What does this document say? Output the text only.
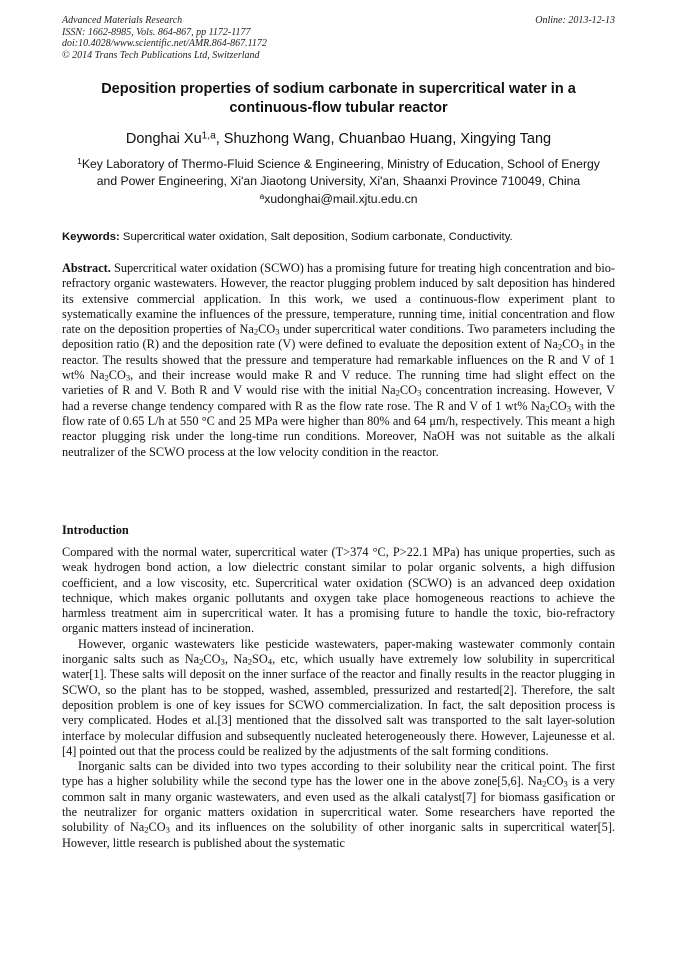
Advanced Materials Research
ISSN: 1662-8985, Vols. 864-867, pp 1172-1177
doi:10.4028/www.scientific.net/AMR.864-867.1172
© 2014 Trans Tech Publications Ltd, Switzerland
Online: 2013-12-13
Deposition properties of sodium carbonate in supercritical water in a
continuous-flow tubular reactor
Donghai Xu$^{1,a}$, Shuzhong Wang, Chuanbao Huang, Xingying Tang
$^1$Key Laboratory of Thermo-Fluid Science & Engineering, Ministry of Education, School of Energy
and Power Engineering, Xi'an Jiaotong University, Xi'an, Shaanxi Province 710049, China
$^a$xudonghai@mail.xjtu.edu.cn
Keywords: Supercritical water oxidation, Salt deposition, Sodium carbonate, Conductivity.

Abstract. Supercritical water oxidation (SCWO) has a promising future for treating high concentration and bio-refractory organic wastewaters. However, the reactor plugging problem induced by salt deposition has hindered its extensive commercial application. In this work, we used a continuous-flow experiment plant to systematically examine the influences of the pressure, temperature, running time, initial concentration and flow rate on the deposition properties of $Na_2CO_3$ under supercritical water conditions. Two parameters including the deposition ratio (R) and the deposition rate (V) were defined to evaluate the deposition extent of $Na_2CO_3$ in the reactor. The results showed that the pressure and temperature had remarkable influences on the R and V of 1 wt% $Na_2CO_3$, and their increase would make R and V reduce. The running time had slight effect on the varieties of R and V. Both R and V would rise with the initial $Na_2CO_3$ concentration increasing. However, V had a reverse change tendency compared with R as the flow rate rose. The R and V of 1 wt% $Na_2CO_3$ with the flow rate of 0.65 L/h at 550 °C and 25 MPa were higher than 80% and 64 μm/h, respectively. This meant a high reactor plugging risk under the long-time run conditions. Moreover, NaOH was not suitable as the alkali neutralizer of the SCWO process at the low velocity condition in the reactor.

Introduction

Compared with the normal water, supercritical water (T>374 °C, P>22.1 MPa) has unique properties, such as weak hydrogen bond action, a low dielectric constant similar to polar organic solvents, a high diffusion coefficient, and a low viscosity, etc. Supercritical water oxidation (SCWO) is an advanced deep oxidation technique, which makes organic pollutants and oxygen take place homogeneous reactions to achieve the harmless treatment aim in supercritical water. It has a promising future to handle the toxic, bio-refractory organic matters instead of incineration.

However, organic wastewaters like pesticide wastewaters, paper-making wastewater commonly contain inorganic salts such as $Na_2CO_3$, $Na_2SO_4$, etc, which usually have extremely low solubility in supercritical water[1]. These salts will deposit on the inner surface of the reactor and finally results in the reactor plugging in SCWO, so the plant has to be stopped, washed, assembled, pressurized and restarted[2]. Therefore, the salt deposition problem is one of key issues for SCWO commercialization. In fact, the salt deposition process is very complicated. Hodes et al.[3] mentioned that the dissolved salt was transported to the salt layer-solution interface by molecular diffusion and subsequently nucleated heterogeneously there. However, Lajeunesse et al.[4] pointed out that the process could be realized by the adjustments of the salt forming conditions.

Inorganic salts can be divided into two types according to their solubility near the critical point. The first type has a higher solubility while the second type has the lower one in the above zone[5,6]. $Na_2CO_3$ is a very common salt in many organic wastewaters, and even used as the alkali catalyst[7] for biomass gasification or the neutralizer for organic matters oxidation in supercritical water. Some researchers have reported the solubility of $Na_2CO_3$ and its influences on the solubility of other inorganic salts in supercritical water[5]. However, little research is published about the systematic
